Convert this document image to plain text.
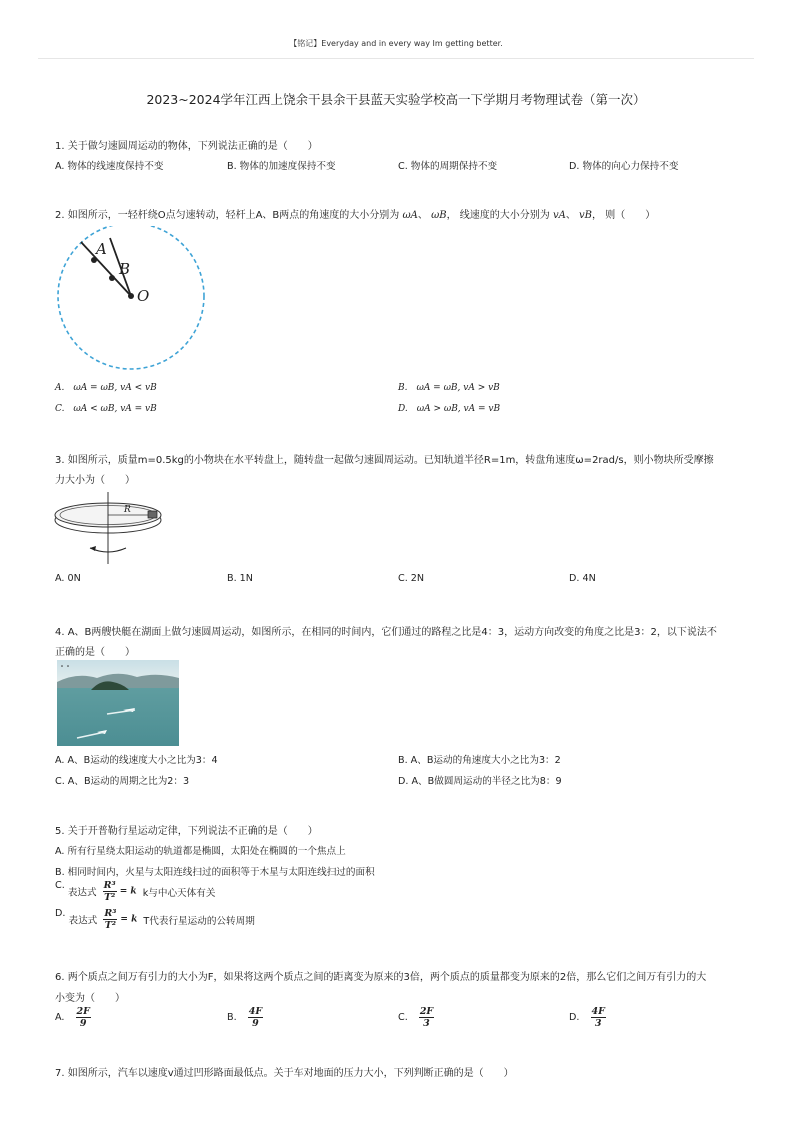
【铭记】Everyday and in every way Im getting better.
2023~2024学年江西上饶余干县余干县蓝天实验学校高一下学期月考物理试卷（第一次）
1. 关于做匀速圆周运动的物体，下列说法正确的是（　　）
A. 物体的线速度保持不变	B. 物体的加速度保持不变	C. 物体的周期保持不变	D. 物体的向心力保持不变
2. 如图所示，一轻杆绕O点匀速转动，轻杆上A、B两点的角速度的大小分别为 ωA、 ωB， 线速度的大小分别为 vA、 vB， 则（　　）
A
B
O
A.　ωA = ωB, vA < vB	B.　ωA = ωB, vA > vB
C.　ωA < ωB, vA = vB	D.　ωA > ωB, vA = vB
3. 如图所示，质量m=0.5kg的小物块在水平转盘上，随转盘一起做匀速圆周运动。已知轨道半径R=1m，转盘角速度ω=2rad/s，则小物块所受摩擦
力大小为（　　）
R
A. 0N	B. 1N	C. 2N	D. 4N
4. A、B两艘快艇在湖面上做匀速圆周运动，如图所示，在相同的时间内，它们通过的路程之比是4：3，运动方向改变的角度之比是3：2，以下说法不
正确的是（　　）
A. A、B运动的线速度大小之比为3：4	B. A、B运动的角速度大小之比为3：2
C. A、B运动的周期之比为2：3	D. A、B做圆周运动的半径之比为8：9
5. 关于开普勒行星运动定律，下列说法不正确的是（　　）
A. 所有行星绕太阳运动的轨道都是椭圆，太阳处在椭圆的一个焦点上
B. 相同时间内，火星与太阳连线扫过的面积等于木星与太阳连线扫过的面积
C. 表达式 $\frac{\text{R³}}{\text{T²}} = k$ k与中心天体有关
D. 表达式 $\frac{\text{R³}}{\text{T²}} = k$ T代表行星运动的公转周期
6. 两个质点之间万有引力的大小为F，如果将这两个质点之间的距离变为原来的3倍，两个质点的质量都变为原来的2倍，那么它们之间万有引力的大
小变为（　　）
A. $\frac{2F}{9}$	B. $\frac{4F}{9}$	C. $\frac{2F}{3}$	D. $\frac{4F}{3}$
7. 如图所示，汽车以速度v通过凹形路面最低点。关于车对地面的压力大小，下列判断正确的是（　　）
